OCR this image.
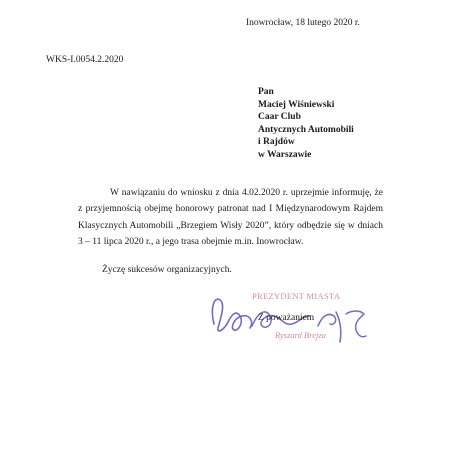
Inowrocław, 18 lutego 2020 r.
WKS-I.0054.2.2020
Pan
Maciej Wiśniewski
Caar Club
Antycznych Automobili
i Rajdów
w Warszawie
W nawiązaniu do wniosku z dnia 4.02.2020 r. uprzejmie informuję, że z przyjemnością obejmę honorowy patronat nad I Międzynarodowym Rajdem Klasycznych Automobili „Brzegiem Wisły 2020”, który odbędzie się w dniach 3 – 11 lipca 2020 r., a jego trasa obejmie m.in. Inowrocław.
Życzę sukcesów organizacyjnych.
PREZYDENT MIASTA
Z poważaniem
Ryszard Brejza
